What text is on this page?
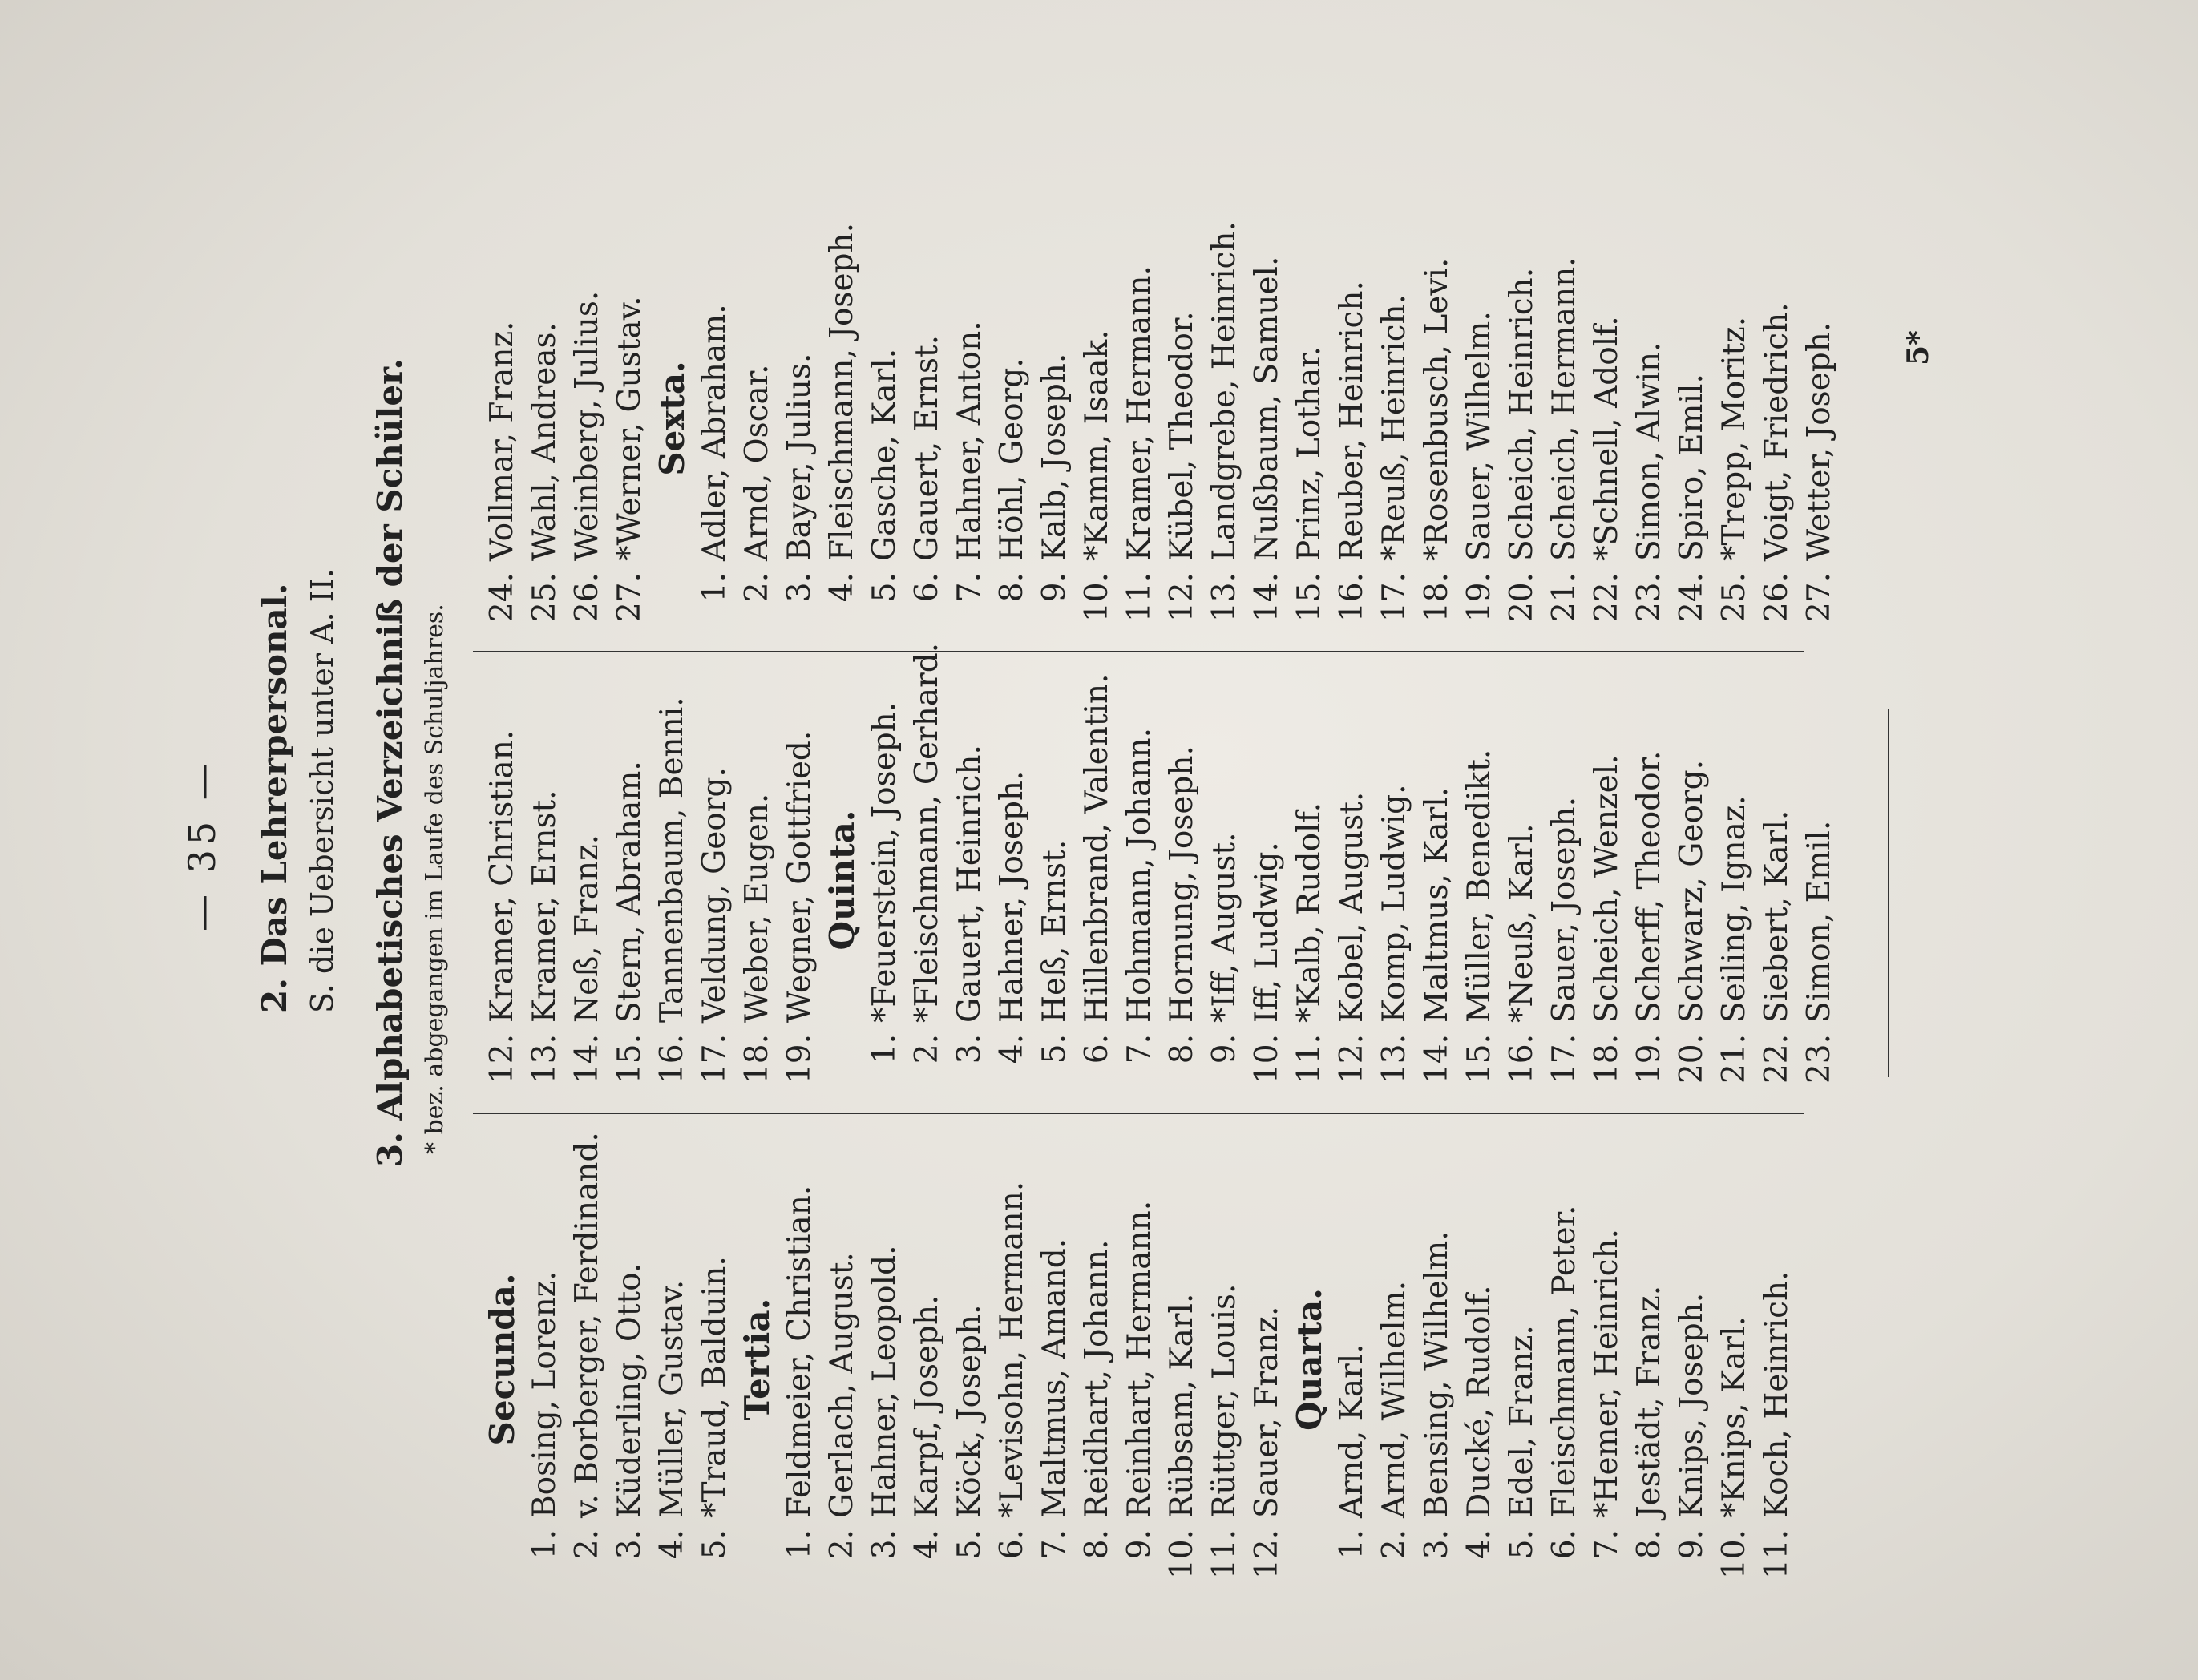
— 35 — 2. Das Lehrerpersonal. S. die Uebersicht unter A. II. 3. Alphabetisches Verzeichniß der Schüler. * bez. abgegangen im Laufe des Schuljahres.
Secunda.
1.Bosing, Lorenz.
2.v. Borberger, Ferdinand.
3.Küderling, Otto.
4.Müller, Gustav.
5.*Traud, Balduin. Tertia.
1.Feldmeier, Christian.
2.Gerlach, August.
3.Hahner, Leopold.
4.Karpf, Joseph.
5.Köck, Joseph.
6.*Levisohn, Hermann.
7.Maltmus, Amand.
8.Reidhart, Johann.
9.Reinhart, Hermann.
10.Rübsam, Karl.
11.Rüttger, Louis.
12.Sauer, Franz. Quarta.
1.Arnd, Karl.
2.Arnd, Wilhelm.
3.Bensing, Wilhelm.
4.Ducké, Rudolf.
5.Edel, Franz.
6.Fleischmann, Peter.
7.*Hemer, Heinrich.
8.Jestädt, Franz.
9.Knips, Joseph.
10.*Knips, Karl.
11.Koch, Heinrich.
12.Kramer, Christian.
13.Kramer, Ernst.
14.Neß, Franz.
15.Stern, Abraham.
16.Tannenbaum, Benni.
17.Veldung, Georg.
18.Weber, Eugen.
19.Wegner, Gottfried. Quinta.
1.*Feuerstein, Joseph.
2.*Fleischmann, Gerhard.
3.Gauert, Heinrich.
4.Hahner, Joseph.
5.Heß, Ernst.
6.Hillenbrand, Valentin.
7.Hohmann, Johann.
8.Hornung, Joseph.
9.*Iff, August.
10.Iff, Ludwig.
11.*Kalb, Rudolf.
12.Kobel, August.
13.Komp, Ludwig.
14.Maltmus, Karl.
15.Müller, Benedikt.
16.*Neuß, Karl.
17.Sauer, Joseph.
18.Scheich, Wenzel.
19.Scherff, Theodor.
20.Schwarz, Georg.
21.Seiling, Ignaz.
22.Siebert, Karl.
23.Simon, Emil.
24.Vollmar, Franz.
25.Wahl, Andreas.
26.Weinberg, Julius.
27.*Werner, Gustav. Sexta.
1.Adler, Abraham.
2.Arnd, Oscar.
3.Bayer, Julius.
4.Fleischmann, Joseph.
5.Gasche, Karl.
6.Gauert, Ernst.
7.Hahner, Anton.
8.Höhl, Georg.
9.Kalb, Joseph.
10.*Kamm, Isaak.
11.Kramer, Hermann.
12.Kübel, Theodor.
13.Landgrebe, Heinrich.
14.Nußbaum, Samuel.
15.Prinz, Lothar.
16.Reuber, Heinrich.
17.*Reuß, Heinrich.
18.*Rosenbusch, Levi.
19.Sauer, Wilhelm.
20.Scheich, Heinrich.
21.Scheich, Hermann.
22.*Schnell, Adolf.
23.Simon, Alwin.
24.Spiro, Emil.
25.*Trepp, Moritz.
26.Voigt, Friedrich.
27.Wetter, Joseph. 5*
